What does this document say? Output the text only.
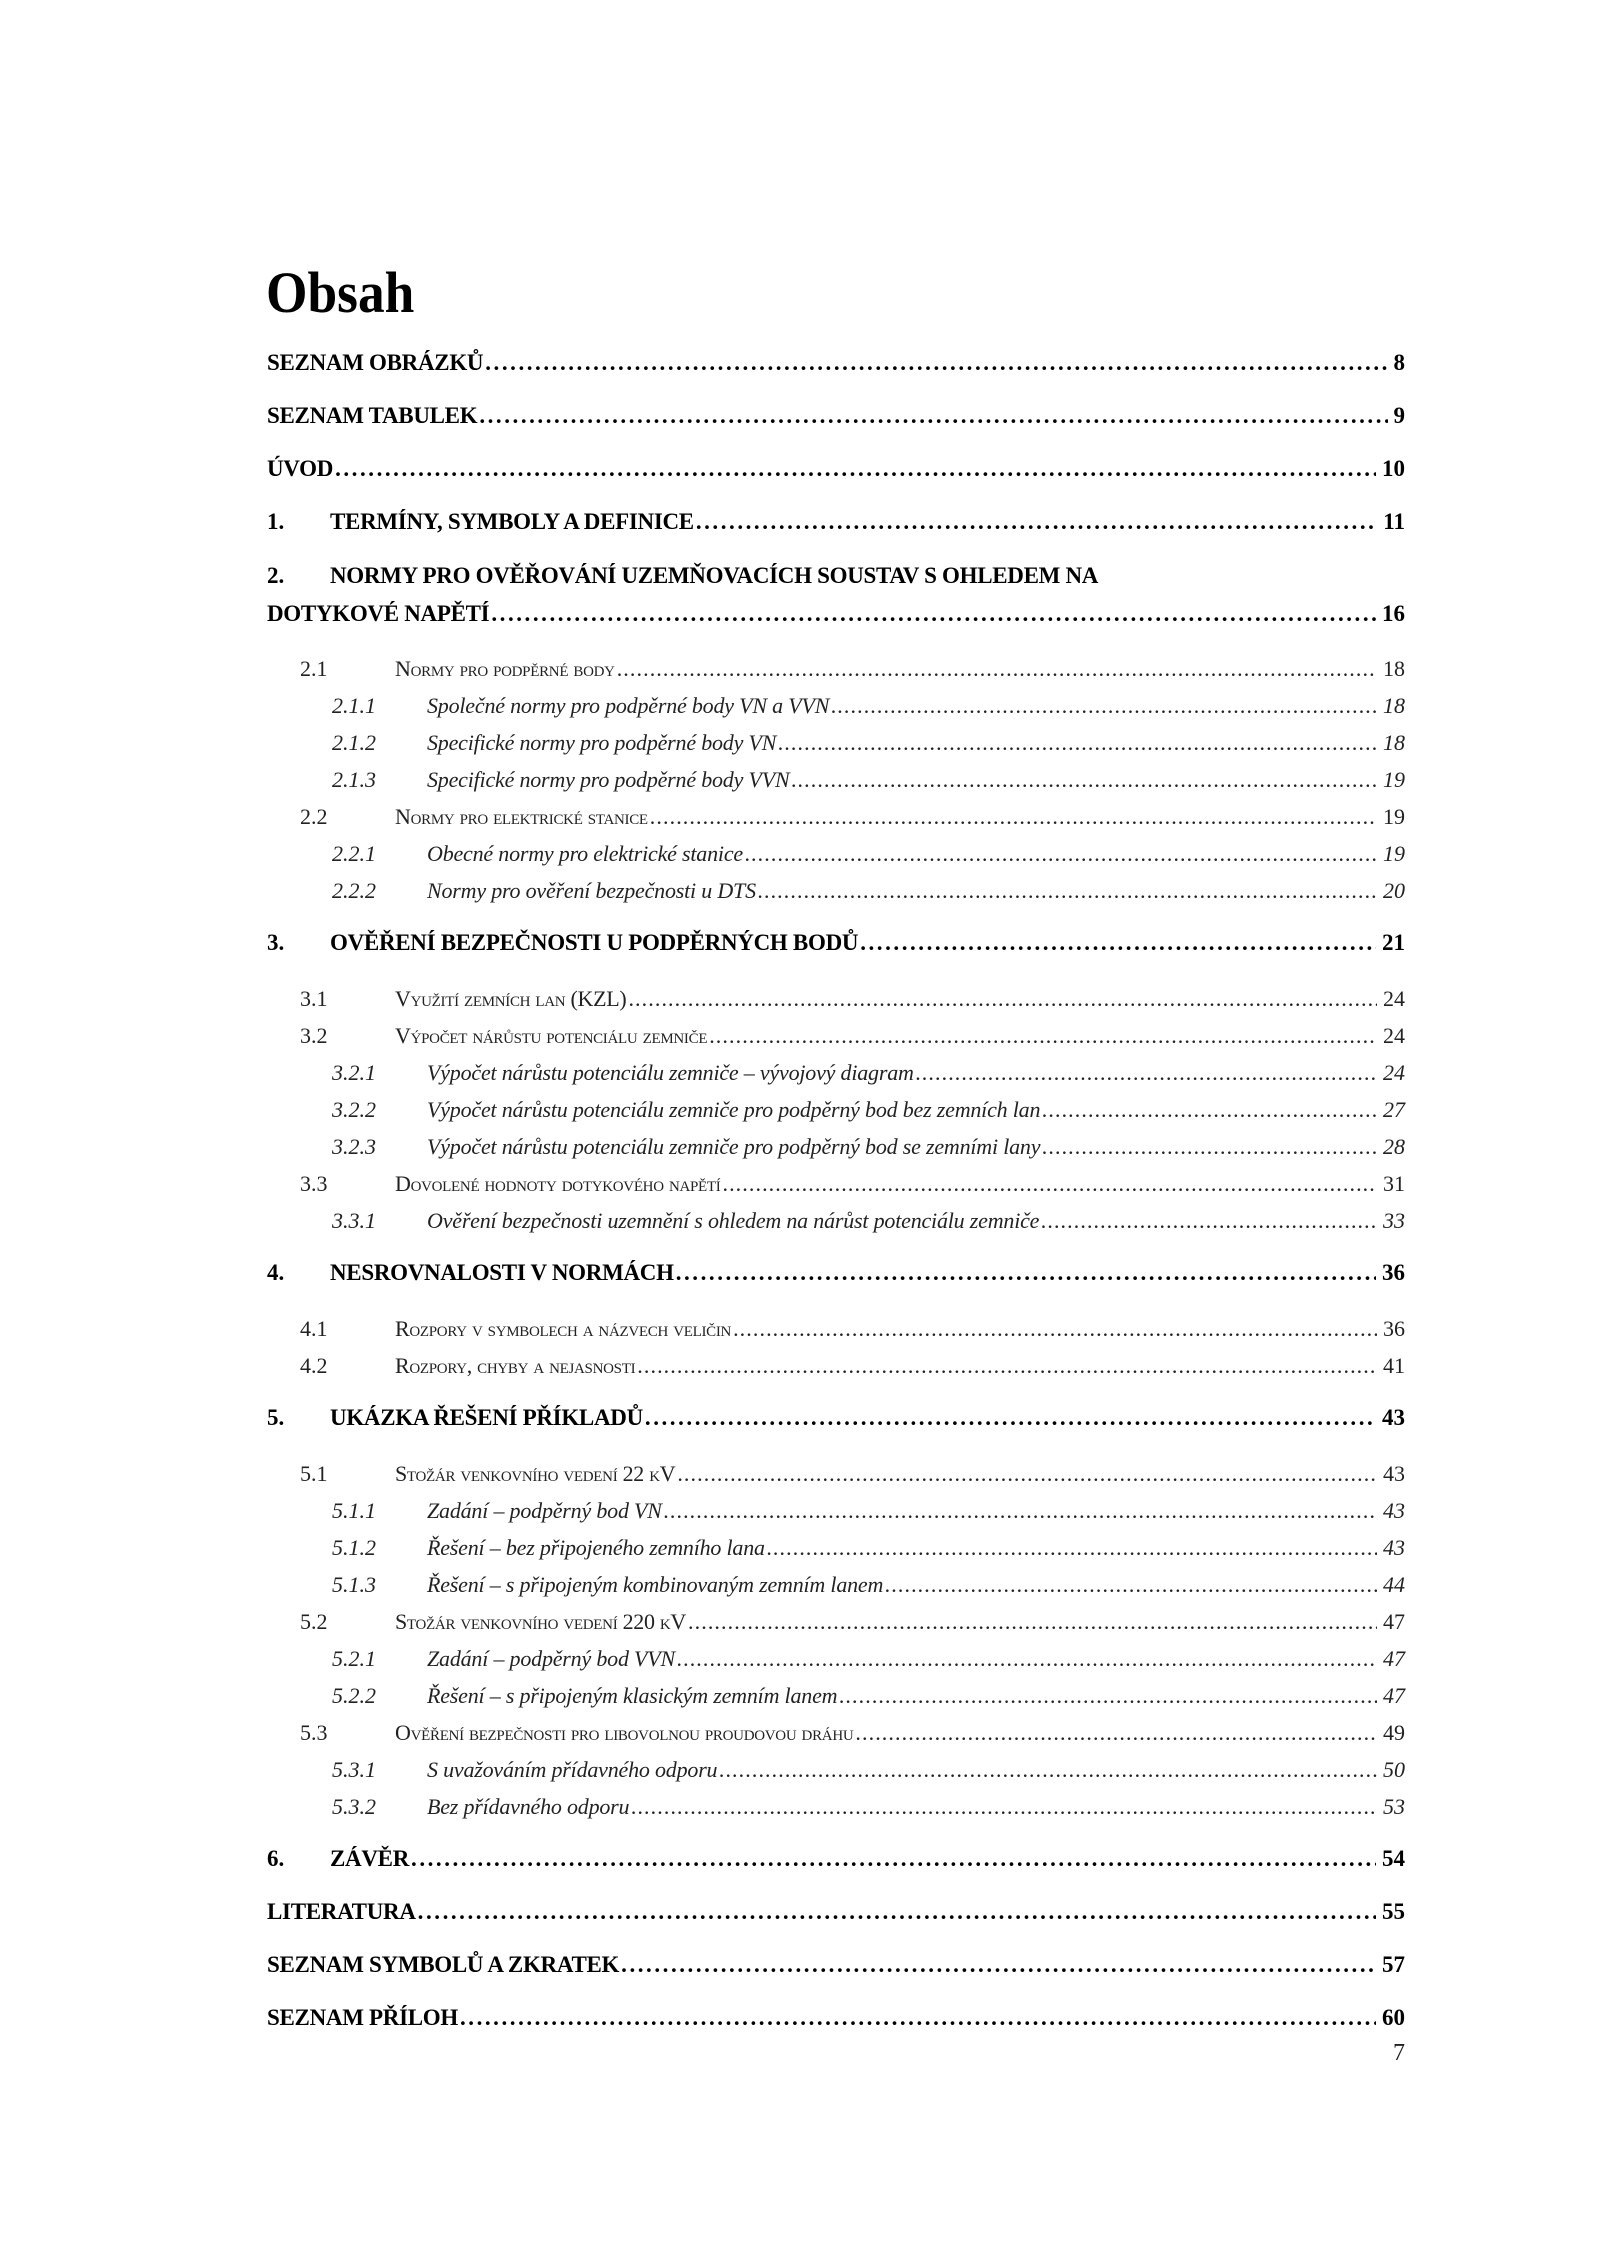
Obsah
SEZNAM OBRÁZKŮ . . .	8
SEZNAM TABULEK . . .	9
ÚVOD . . .	10
1.	TERMÍNY, SYMBOLY A DEFINICE . . .	11
2.	NORMY PRO OVĚŘOVÁNÍ UZEMŇOVACÍCH SOUSTAV S OHLEDEM NA
DOTYKOVÉ NAPĚTÍ . . .	16
2.1	Normy pro podpěrné body . . .	18
2.1.1	Společné normy pro podpěrné body VN a VVN . . .	18
2.1.2	Specifické normy pro podpěrné body VN . . .	18
2.1.3	Specifické normy pro podpěrné body VVN . . .	19
2.2	Normy pro elektrické stanice . . .	19
2.2.1	Obecné normy pro elektrické stanice . . .	19
2.2.2	Normy pro ověření bezpečnosti u DTS . . .	20
3.	OVĚŘENÍ BEZPEČNOSTI U PODPĚRNÝCH BODŮ . . .	21
3.1	Využití zemních lan (KZL) . . .	24
3.2	Výpočet nárůstu potenciálu zemniče . . .	24
3.2.1	Výpočet nárůstu potenciálu zemniče – vývojový diagram . . .	24
3.2.2	Výpočet nárůstu potenciálu zemniče pro podpěrný bod bez zemních lan . . .	27
3.2.3	Výpočet nárůstu potenciálu zemniče pro podpěrný bod se zemními lany . . .	28
3.3	Dovolené hodnoty dotykového napětí . . .	31
3.3.1	Ověření bezpečnosti uzemnění s ohledem na nárůst potenciálu zemniče . . .	33
4.	NESROVNALOSTI V NORMÁCH . . .	36
4.1	Rozpory v symbolech a názvech veličin . . .	36
4.2	Rozpory, chyby a nejasnosti . . .	41
5.	UKÁZKA ŘEŠENÍ PŘÍKLADŮ . . .	43
5.1	Stožár venkovního vedení 22 kV . . .	43
5.1.1	Zadání – podpěrný bod VN . . .	43
5.1.2	Řešení – bez připojeného zemního lana . . .	43
5.1.3	Řešení – s připojeným kombinovaným zemním lanem . . .	44
5.2	Stožár venkovního vedení 220 kV . . .	47
5.2.1	Zadání – podpěrný bod VVN . . .	47
5.2.2	Řešení – s připojeným klasickým zemním lanem . . .	47
5.3	Ověření bezpečnosti pro libovolnou proudovou dráhu . . .	49
5.3.1	S uvažováním přídavného odporu . . .	50
5.3.2	Bez přídavného odporu . . .	53
6.	ZÁVĚR . . .	54
LITERATURA . . .	55
SEZNAM SYMBOLŮ A ZKRATEK . . .	57
SEZNAM PŘÍLOH . . .	60
7
